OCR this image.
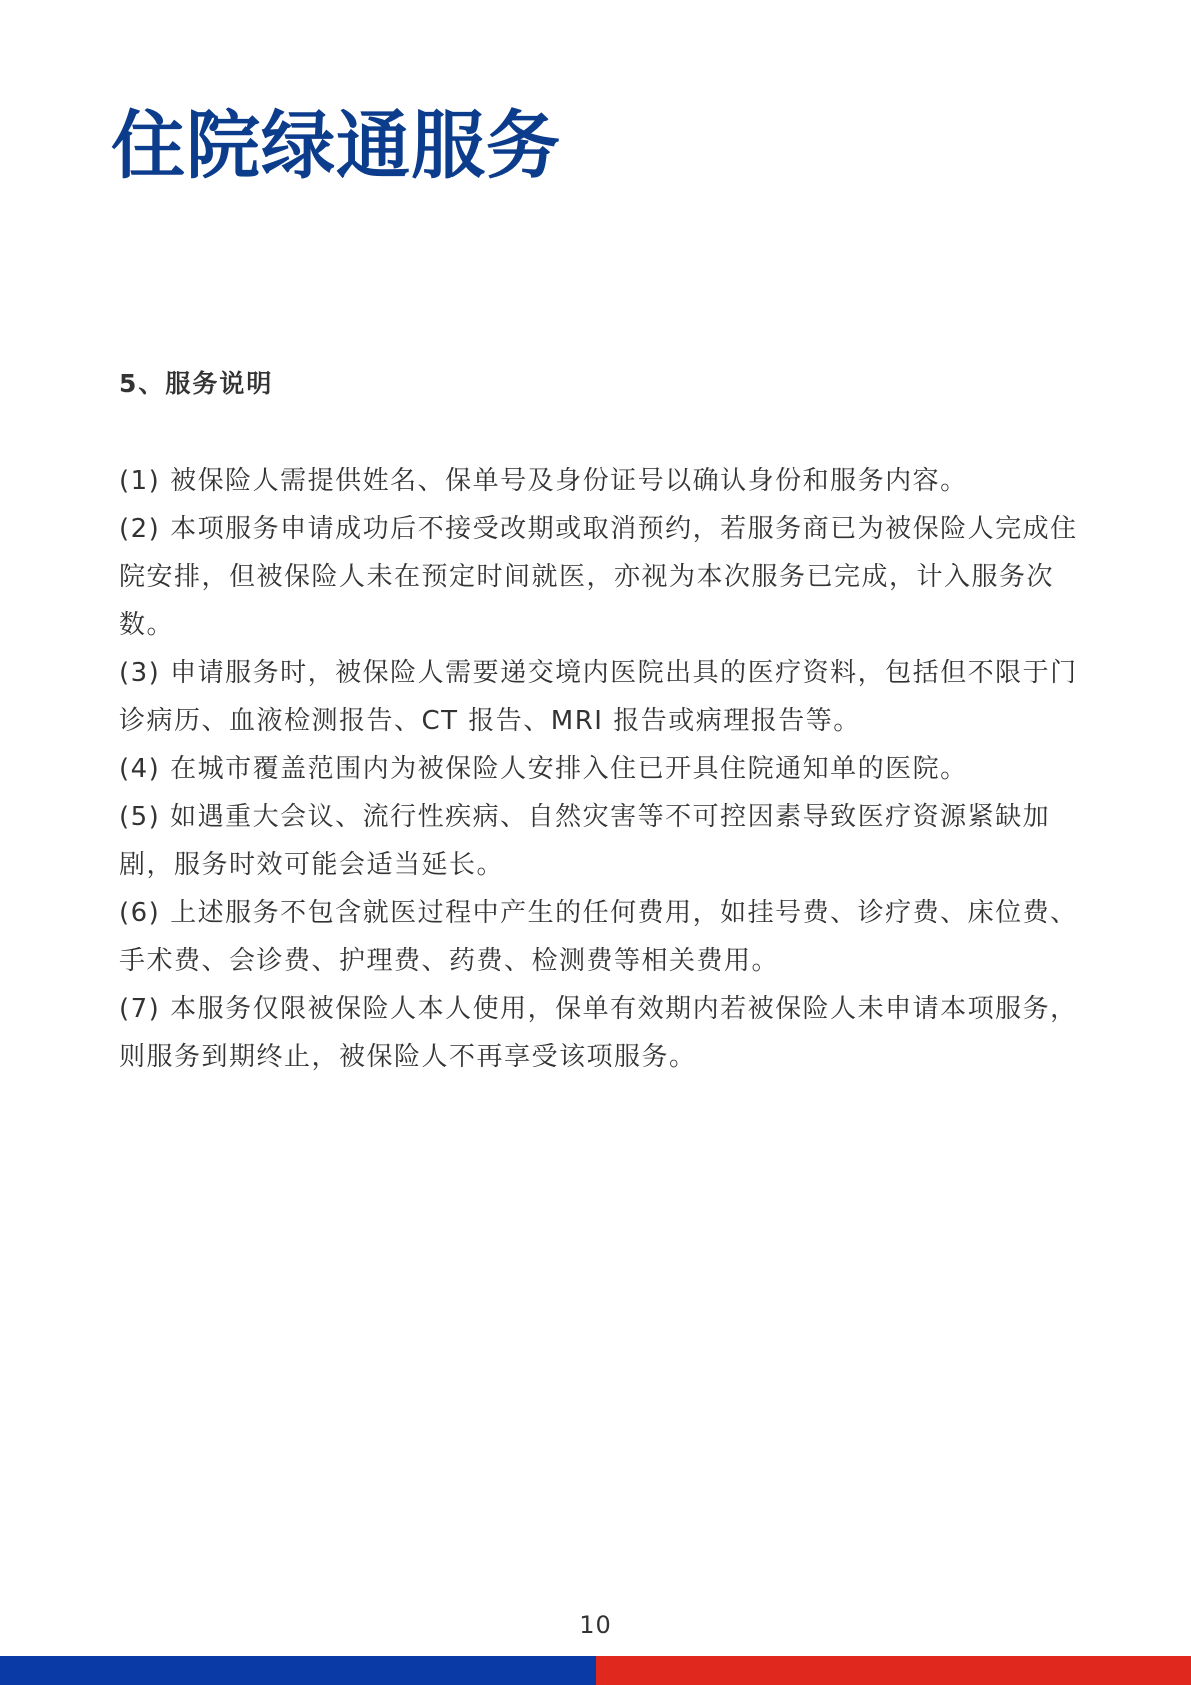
住院绿通服务
5、服务说明
(1) 被保险人需提供姓名、保单号及身份证号以确认身份和服务内容。
(2) 本项服务申请成功后不接受改期或取消预约，若服务商已为被保险人完成住院安排，但被保险人未在预定时间就医，亦视为本次服务已完成，计入服务次数。
(3) 申请服务时，被保险人需要递交境内医院出具的医疗资料，包括但不限于门诊病历、血液检测报告、CT 报告、MRI 报告或病理报告等。
(4) 在城市覆盖范围内为被保险人安排入住已开具住院通知单的医院。
(5) 如遇重大会议、流行性疾病、自然灾害等不可控因素导致医疗资源紧缺加剧，服务时效可能会适当延长。
(6) 上述服务不包含就医过程中产生的任何费用，如挂号费、诊疗费、床位费、手术费、会诊费、护理费、药费、检测费等相关费用。
(7) 本服务仅限被保险人本人使用，保单有效期内若被保险人未申请本项服务，则服务到期终止，被保险人不再享受该项服务。
10
